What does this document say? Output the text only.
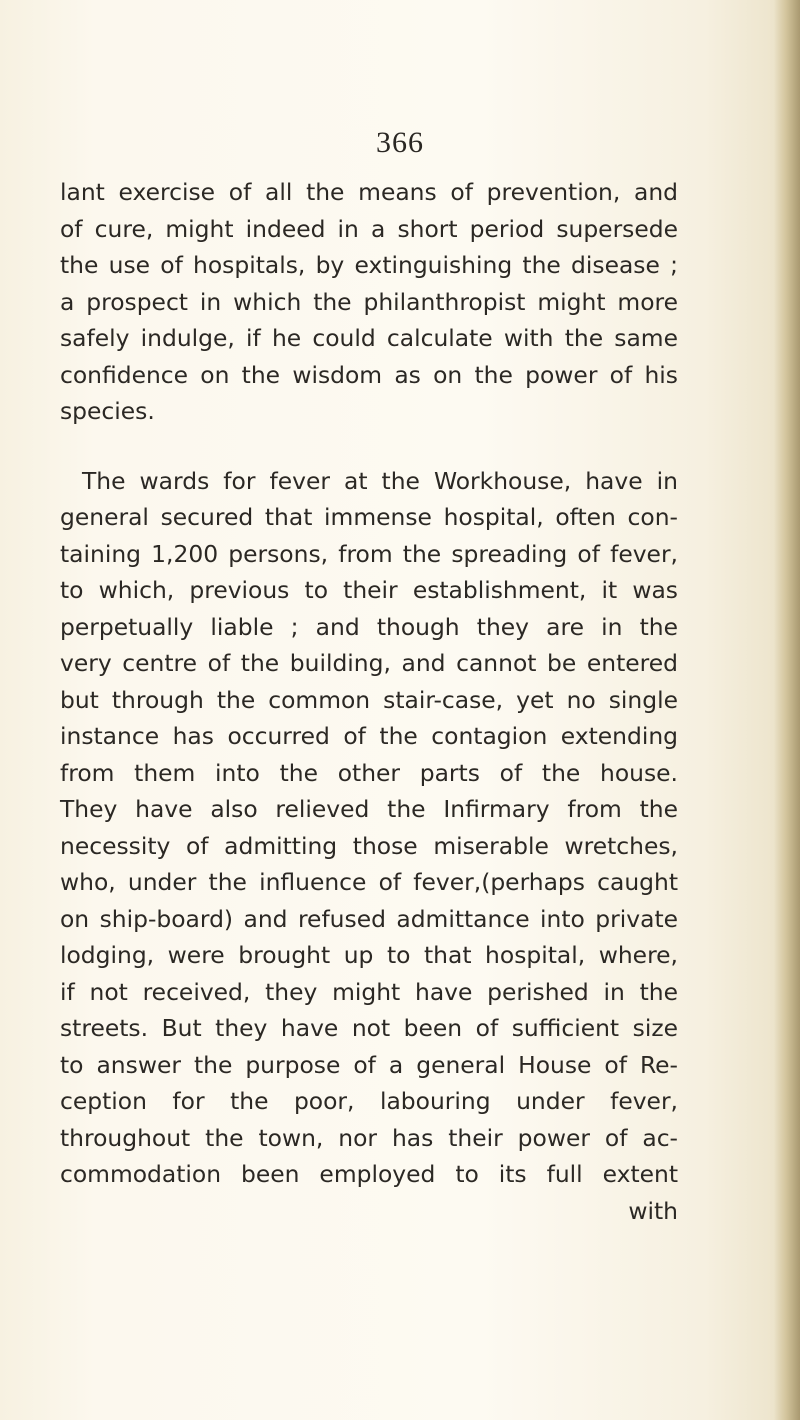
366
lant exercise of all the means of prevention, and
of cure, might indeed in a short period supersede
the use of hospitals, by extinguishing the disease ;
a prospect in which the philanthropist might more
safely indulge, if he could calculate with the same
confidence on the wisdom as on the power of his
species.
The wards for fever at the Workhouse, have in
general secured that immense hospital, often con-
taining 1,200 persons, from the spreading of fever,
to which, previous to their establishment, it was
perpetually liable ; and though they are in the
very centre of the building, and cannot be entered
but through the common stair-case, yet no single
instance has occurred of the contagion extending
from them into the other parts of the house.
They have also relieved the Infirmary from the
necessity of admitting those miserable wretches,
who, under the influence of fever,(perhaps caught
on ship-board) and refused admittance into private
lodging, were brought up to that hospital, where,
if not received, they might have perished in the
streets. But they have not been of sufficient size
to answer the purpose of a general House of Re-
ception for the poor, labouring under fever,
throughout the town, nor has their power of ac-
commodation been employed to its full extent
with
